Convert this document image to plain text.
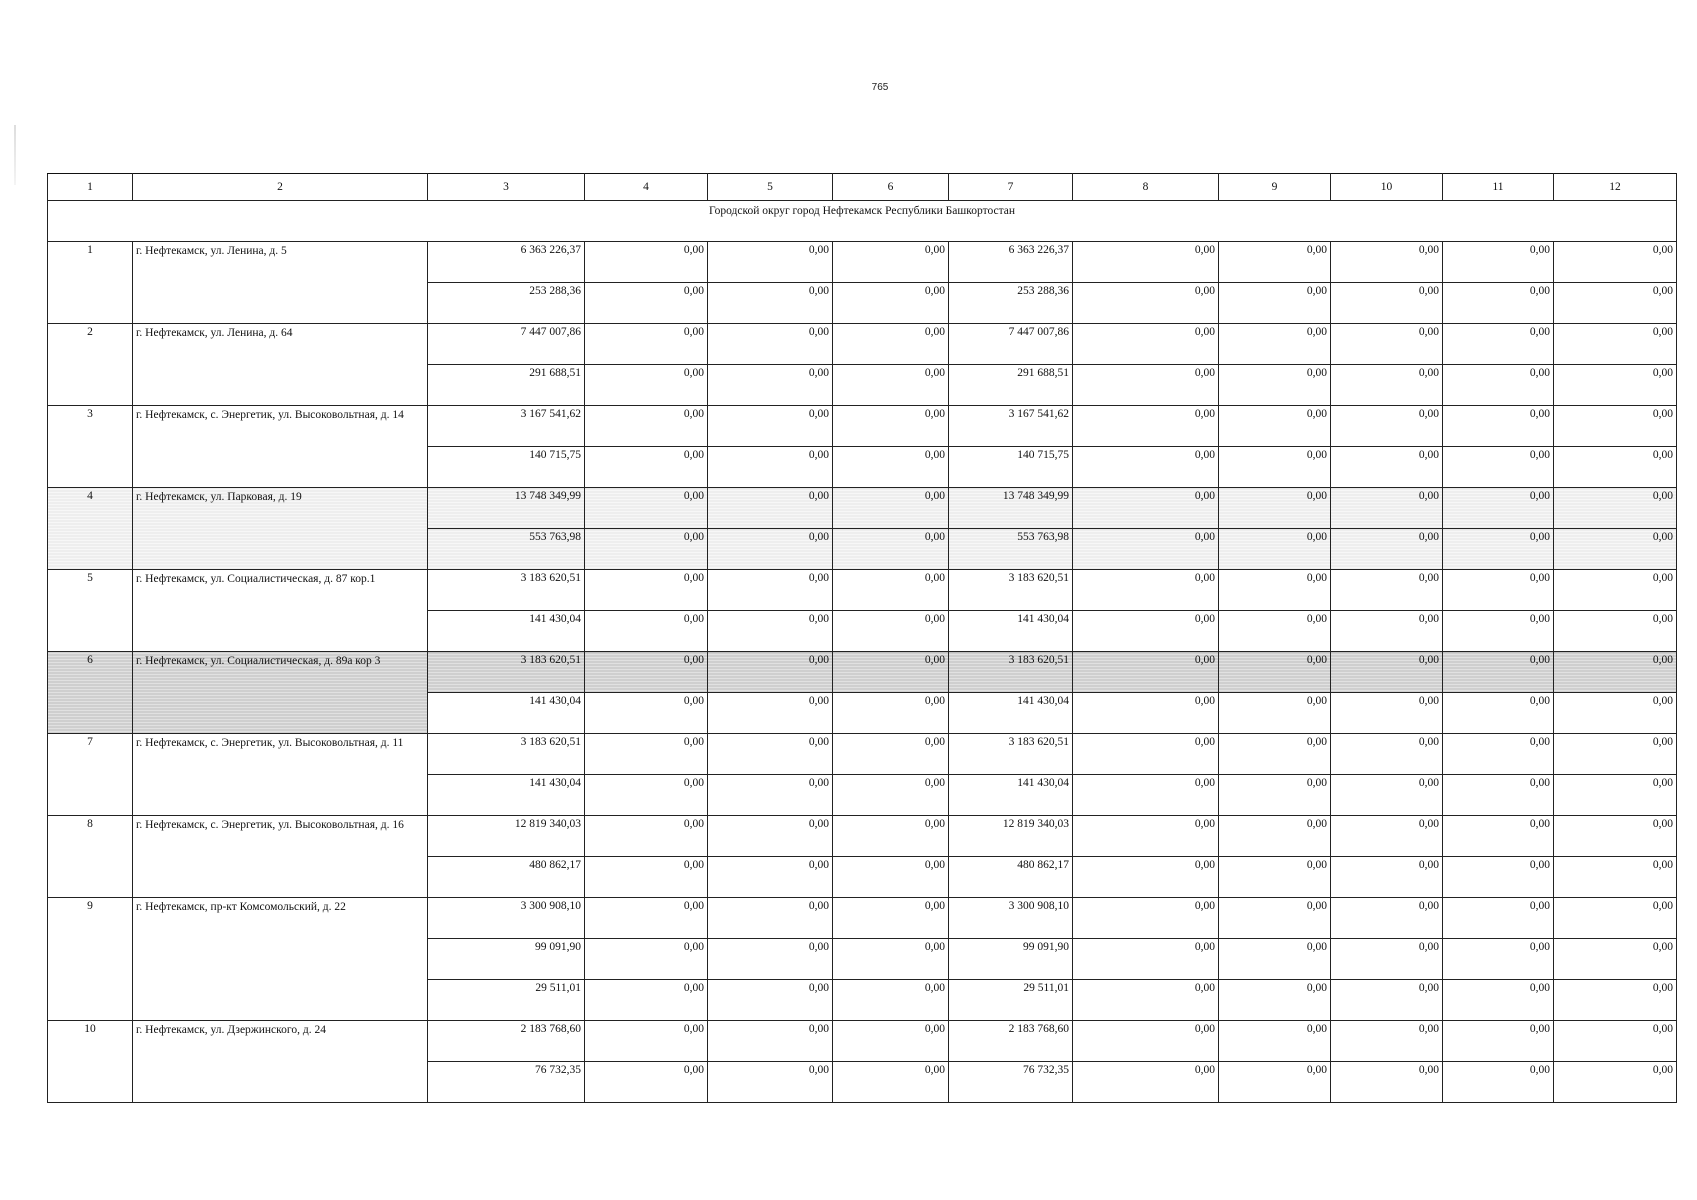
765
1	2	3	4	5	6	7	8	9	10	11	12
Городской округ город Нефтекамск Республики Башкортостан											
1	г. Нефтекамск, ул. Ленина, д. 5	6 363 226,37	0,00	0,00	0,00	6 363 226,37	0,00	0,00	0,00	0,00	0,00
		253 288,36	0,00	0,00	0,00	253 288,36	0,00	0,00	0,00	0,00	0,00
2	г. Нефтекамск, ул. Ленина, д. 64	7 447 007,86	0,00	0,00	0,00	7 447 007,86	0,00	0,00	0,00	0,00	0,00
		291 688,51	0,00	0,00	0,00	291 688,51	0,00	0,00	0,00	0,00	0,00
3	г. Нефтекамск, с. Энергетик, ул. Высоковольтная, д. 14	3 167 541,62	0,00	0,00	0,00	3 167 541,62	0,00	0,00	0,00	0,00	0,00
		140 715,75	0,00	0,00	0,00	140 715,75	0,00	0,00	0,00	0,00	0,00
4	г. Нефтекамск, ул. Парковая, д. 19	13 748 349,99	0,00	0,00	0,00	13 748 349,99	0,00	0,00	0,00	0,00	0,00
		553 763,98	0,00	0,00	0,00	553 763,98	0,00	0,00	0,00	0,00	0,00
5	г. Нефтекамск, ул. Социалистическая, д. 87 кор.1	3 183 620,51	0,00	0,00	0,00	3 183 620,51	0,00	0,00	0,00	0,00	0,00
		141 430,04	0,00	0,00	0,00	141 430,04	0,00	0,00	0,00	0,00	0,00
6	г. Нефтекамск, ул. Социалистическая, д. 89а кор 3	3 183 620,51	0,00	0,00	0,00	3 183 620,51	0,00	0,00	0,00	0,00	0,00
		141 430,04	0,00	0,00	0,00	141 430,04	0,00	0,00	0,00	0,00	0,00
7	г. Нефтекамск, с. Энергетик, ул. Высоковольтная, д. 11	3 183 620,51	0,00	0,00	0,00	3 183 620,51	0,00	0,00	0,00	0,00	0,00
		141 430,04	0,00	0,00	0,00	141 430,04	0,00	0,00	0,00	0,00	0,00
8	г. Нефтекамск, с. Энергетик, ул. Высоковольтная, д. 16	12 819 340,03	0,00	0,00	0,00	12 819 340,03	0,00	0,00	0,00	0,00	0,00
		480 862,17	0,00	0,00	0,00	480 862,17	0,00	0,00	0,00	0,00	0,00
9	г. Нефтекамск, пр-кт Комсомольский, д. 22	3 300 908,10	0,00	0,00	0,00	3 300 908,10	0,00	0,00	0,00	0,00	0,00
		99 091,90	0,00	0,00	0,00	99 091,90	0,00	0,00	0,00	0,00	0,00
		29 511,01	0,00	0,00	0,00	29 511,01	0,00	0,00	0,00	0,00	0,00
10	г. Нефтекамск, ул. Дзержинского, д. 24	2 183 768,60	0,00	0,00	0,00	2 183 768,60	0,00	0,00	0,00	0,00	0,00
		76 732,35	0,00	0,00	0,00	76 732,35	0,00	0,00	0,00	0,00	0,00
